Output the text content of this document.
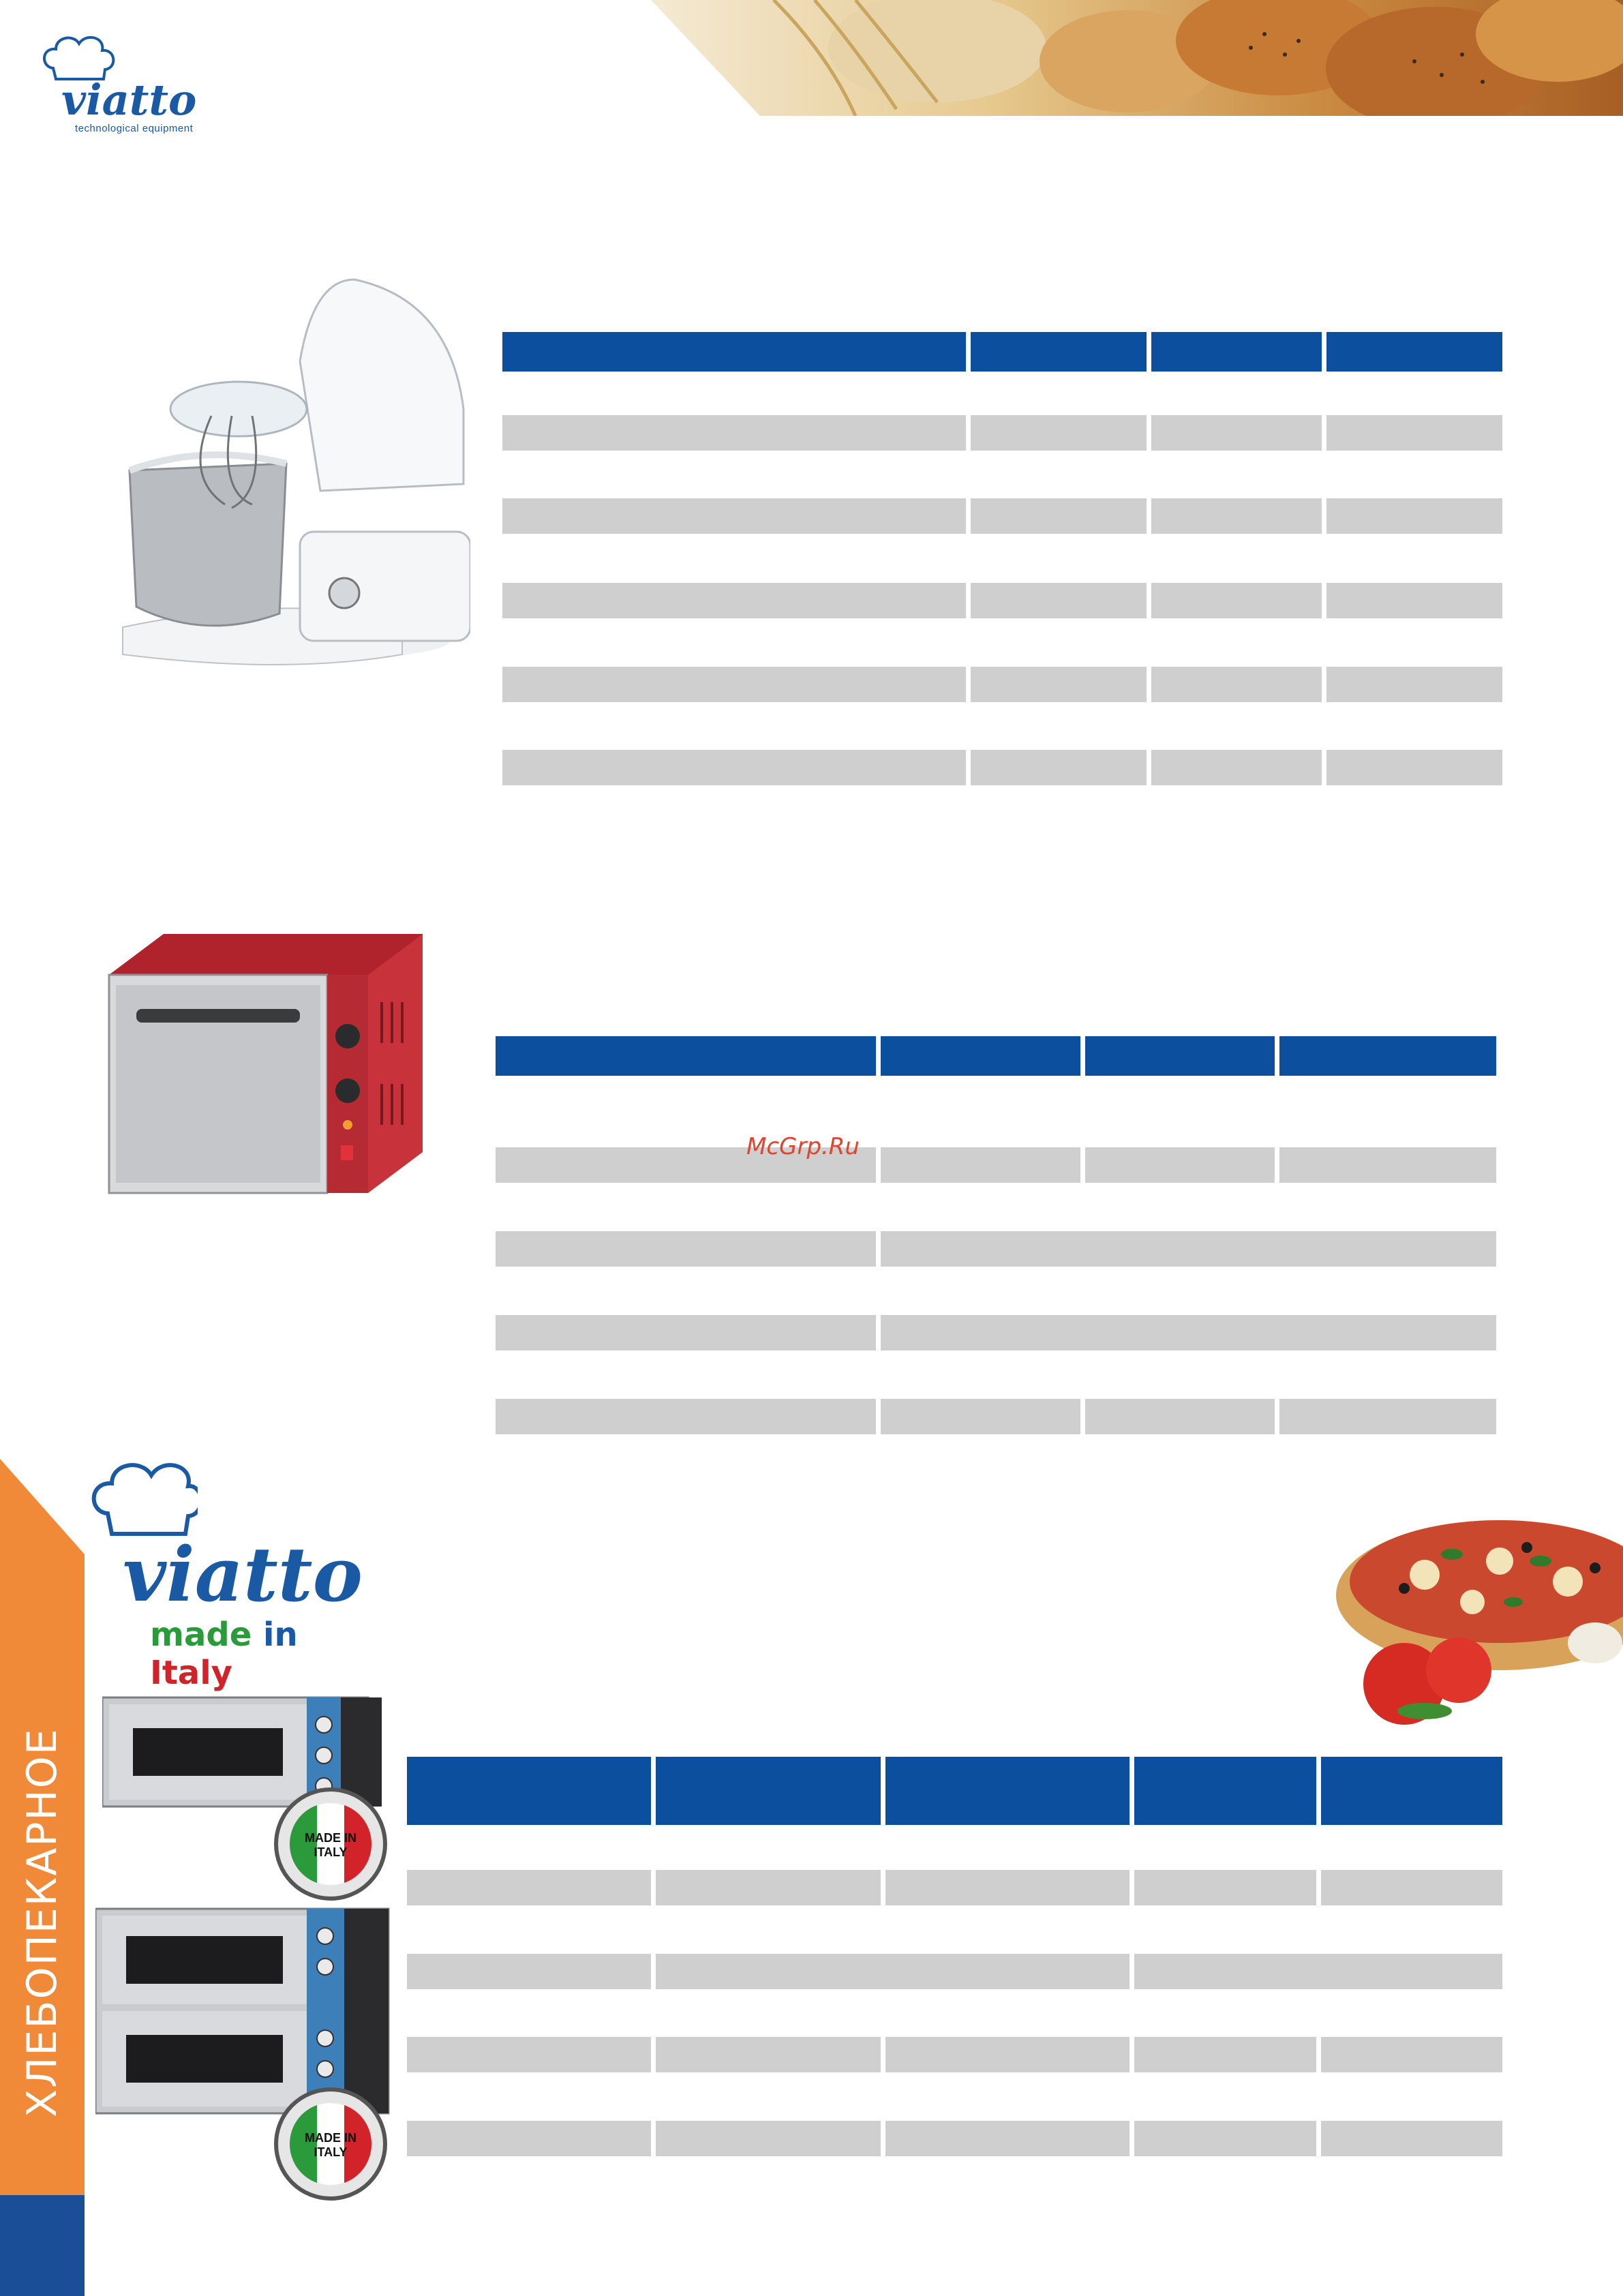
viatto
technological equipment
McGrp.Ru
ХЛЕБОПЕКАРНОЕ
viatto
made in Italy
MADE IN ITALY
MADE IN ITALY
